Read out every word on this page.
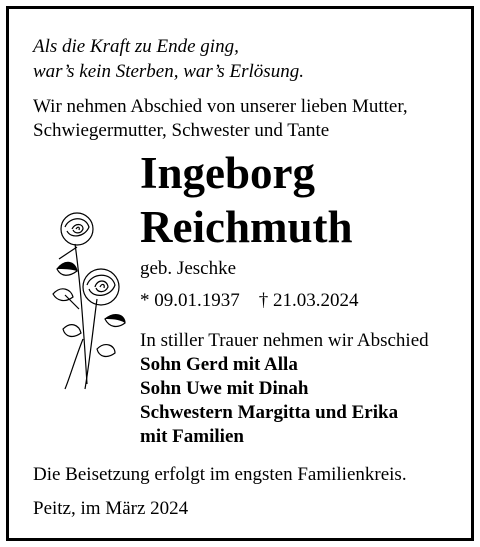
Als die Kraft zu Ende ging,
war’s kein Sterben, war’s Erlösung.
Wir nehmen Abschied von unserer lieben Mutter,
Schwiegermutter, Schwester und Tante
Ingeborg
Reichmuth
geb. Jeschke
* 09.01.1937    † 21.03.2024
In stiller Trauer nehmen wir Abschied
Sohn Gerd mit Alla
Sohn Uwe mit Dinah
Schwestern Margitta und Erika
mit Familien
Die Beisetzung erfolgt im engsten Familienkreis.
Peitz, im März 2024
